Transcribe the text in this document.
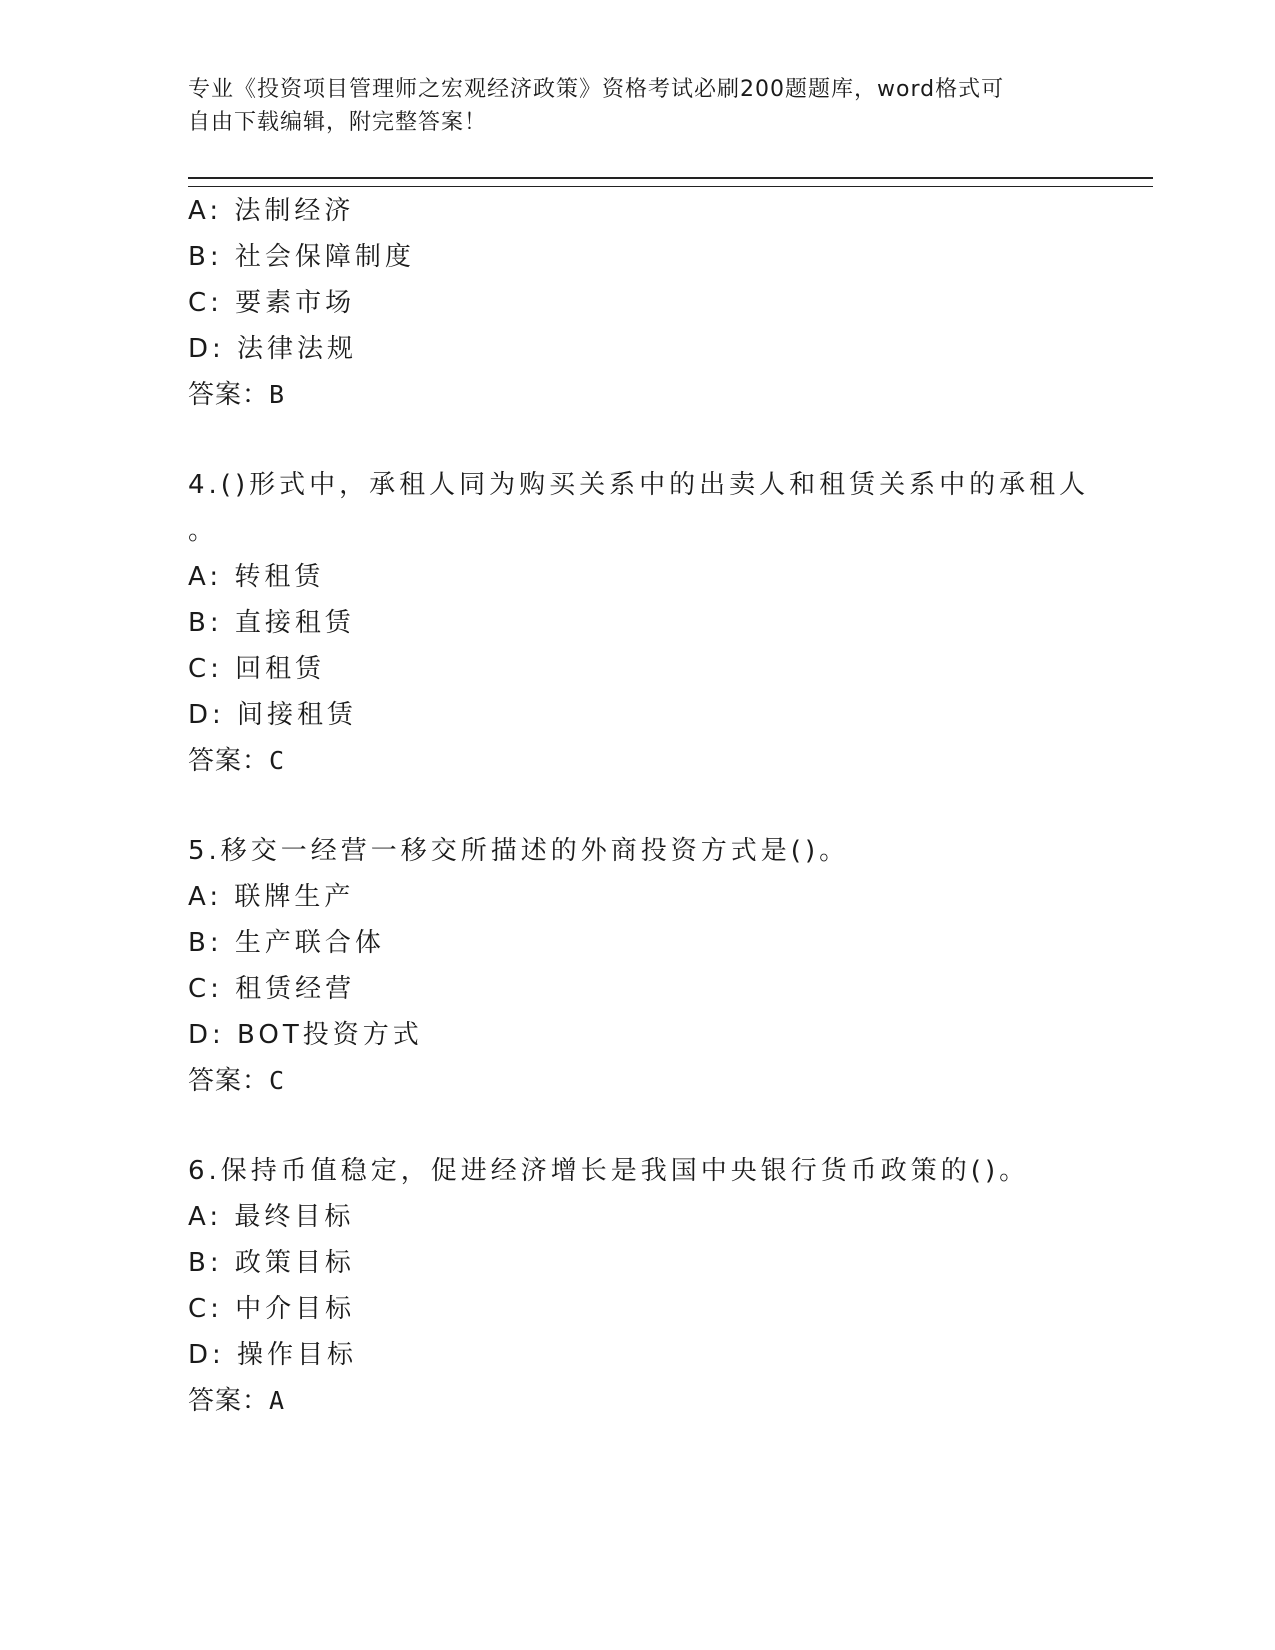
专业《投资项目管理师之宏观经济政策》资格考试必刷200题题库，word格式可
自由下载编辑，附完整答案！
A: 法制经济
B: 社会保障制度
C: 要素市场
D: 法律法规
答案：B
4.()形式中，承租人同为购买关系中的出卖人和租赁关系中的承租人
。
A: 转租赁
B: 直接租赁
C: 回租赁
D: 间接租赁
答案：C
5.移交一经营一移交所描述的外商投资方式是()。
A: 联牌生产
B: 生产联合体
C: 租赁经营
D: BOT投资方式
答案：C
6.保持币值稳定，促进经济增长是我国中央银行货币政策的()。
A: 最终目标
B: 政策目标
C: 中介目标
D: 操作目标
答案：A
